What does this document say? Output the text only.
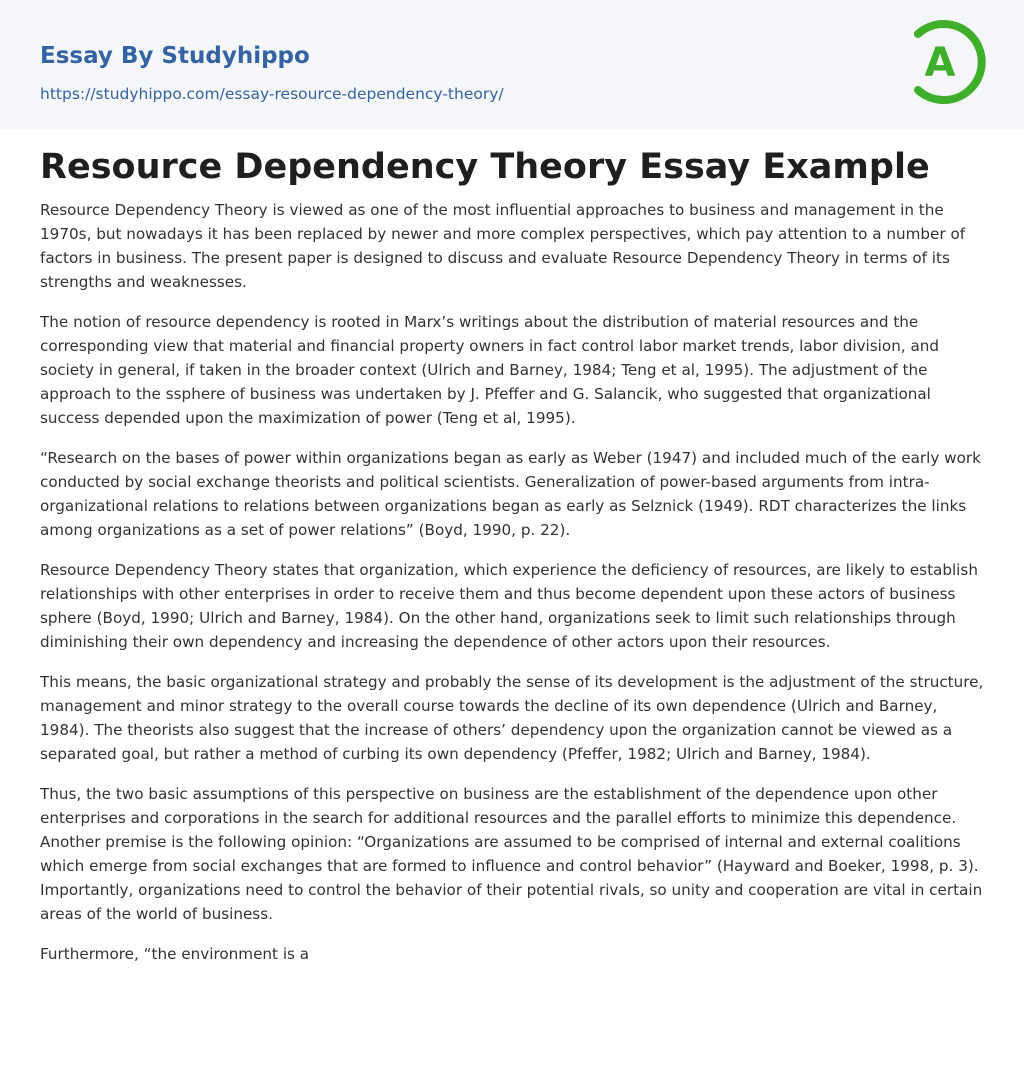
Essay By Studyhippo
https://studyhippo.com/essay-resource-dependency-theory/
A
Resource Dependency Theory Essay Example

Resource Dependency Theory is viewed as one of the most influential approaches to business and management in the 1970s, but nowadays it has been replaced by newer and more complex perspectives, which pay attention to a number of factors in business. The present paper is designed to discuss and evaluate Resource Dependency Theory in terms of its strengths and weaknesses.

The notion of resource dependency is rooted in Marx’s writings about the distribution of material resources and the corresponding view that material and financial property owners in fact control labor market trends, labor division, and society in general, if taken in the broader context (Ulrich and Barney, 1984; Teng et al, 1995). The adjustment of the approach to the ssphere of business was undertaken by J. Pfeffer and G. Salancik, who suggested that organizational success depended upon the maximization of power (Teng et al, 1995).

“Research on the bases of power within organizations began as early as Weber (1947) and included much of the early work conducted by social exchange theorists and political scientists. Generalization of power-based arguments from intra-organizational relations to relations between organizations began as early as Selznick (1949). RDT characterizes the links among organizations as a set of power relations” (Boyd, 1990, p. 22).

Resource Dependency Theory states that organization, which experience the deficiency of resources, are likely to establish relationships with other enterprises in order to receive them and thus become dependent upon these actors of business sphere (Boyd, 1990; Ulrich and Barney, 1984). On the other hand, organizations seek to limit such relationships through diminishing their own dependency and increasing the dependence of other actors upon their resources.

This means, the basic organizational strategy and probably the sense of its development is the adjustment of the structure, management and minor strategy to the overall course towards the decline of its own dependence (Ulrich and Barney, 1984). The theorists also suggest that the increase of others’ dependency upon the organization cannot be viewed as a separated goal, but rather a method of curbing its own dependency (Pfeffer, 1982; Ulrich and Barney, 1984).

Thus, the two basic assumptions of this perspective on business are the establishment of the dependence upon other enterprises and corporations in the search for additional resources and the parallel efforts to minimize this dependence. Another premise is the following opinion: “Organizations are assumed to be comprised of internal and external coalitions which emerge from social exchanges that are formed to influence and control behavior” (Hayward and Boeker, 1998, p. 3). Importantly, organizations need to control the behavior of their potential rivals, so unity and cooperation are vital in certain areas of the world of business.

Furthermore, “the environment is a
